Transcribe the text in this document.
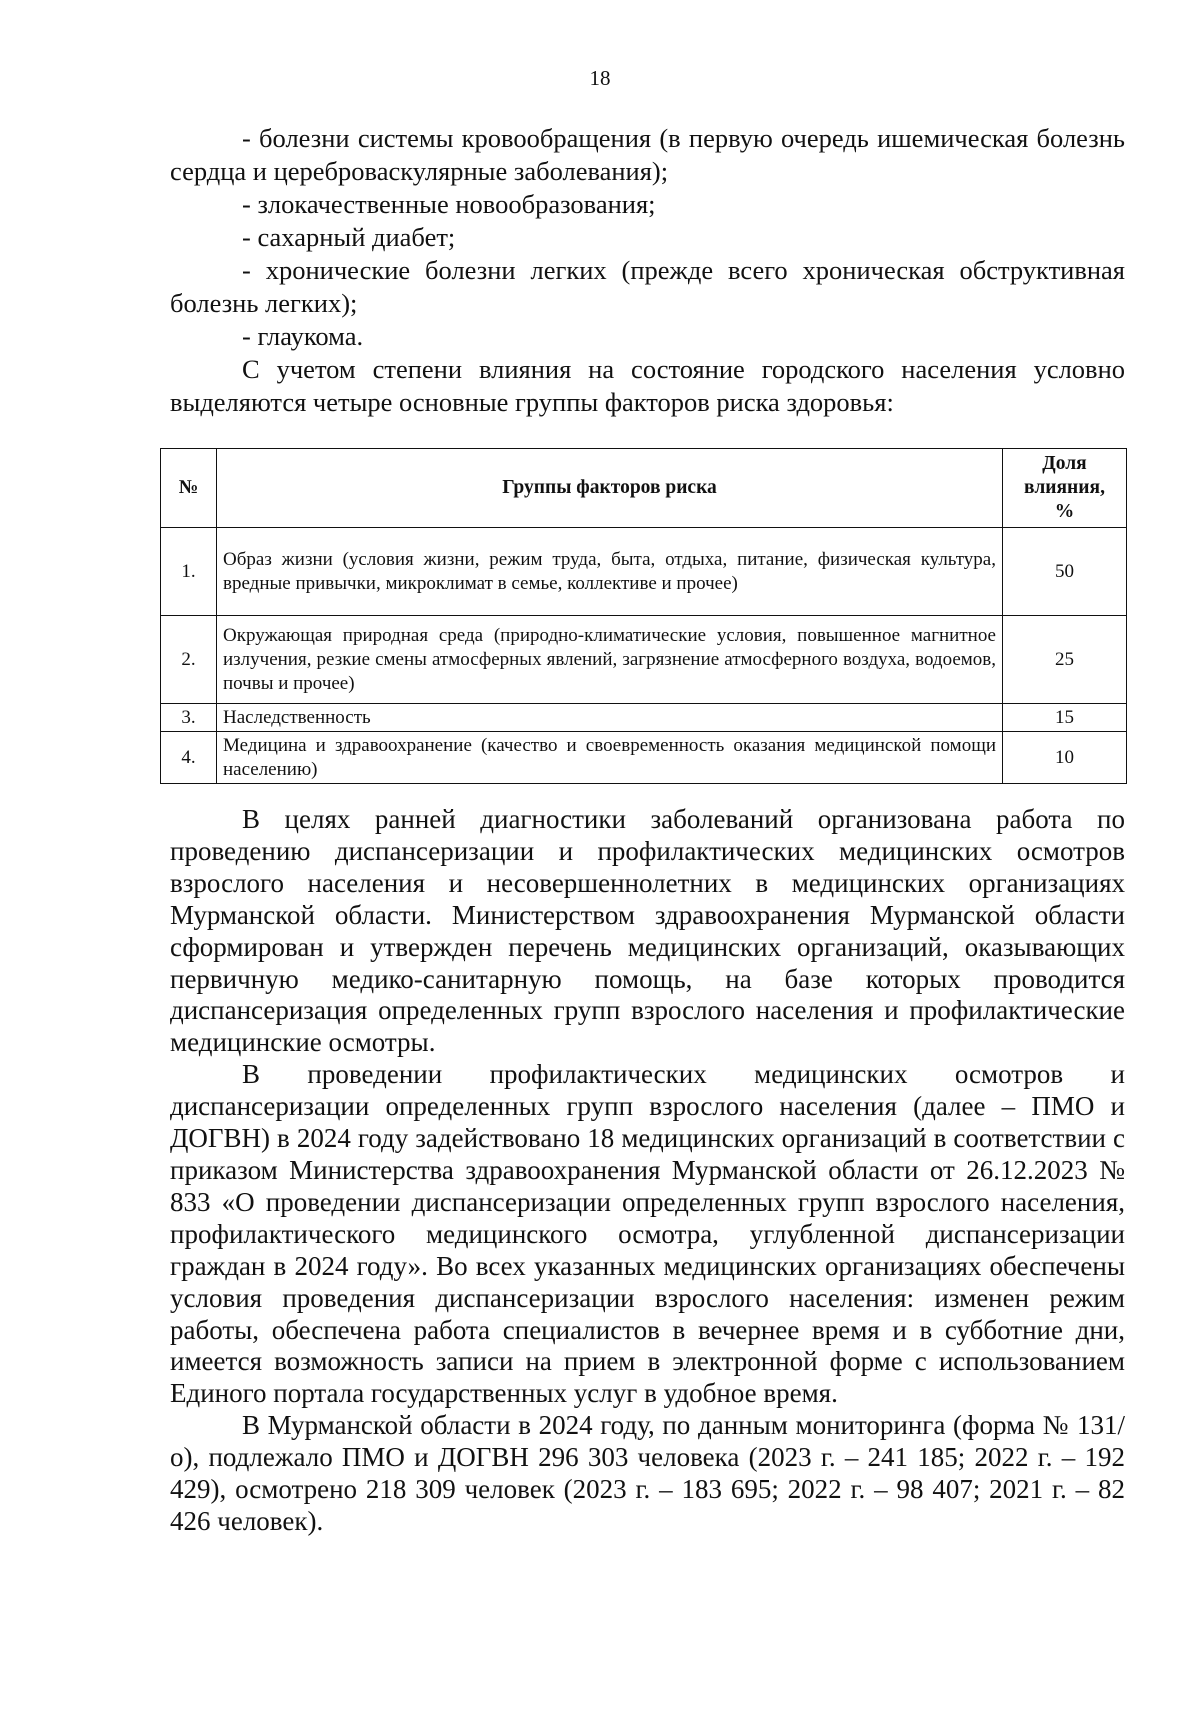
18

- болезни системы кровообращения (в первую очередь ишемическая болезнь сердца и цереброваскулярные заболевания);

- злокачественные новообразования;

- сахарный диабет;

- хронические болезни легких (прежде всего хроническая обструктивная болезнь легких);

- глаукома.

С учетом степени влияния на состояние городского населения условно выделяются четыре основные группы факторов риска здоровья:

№	Группы факторов риска	Доля
влияния,
%
1.	Образ жизни (условия жизни, режим труда, быта, отдыха, питание, физическая культура, вредные привычки, микроклимат в семье, коллективе и прочее)	50
2.	Окружающая природная среда (природно-климатические условия, повышенное магнитное излучения, резкие смены атмосферных явлений, загрязнение атмосферного воздуха, водоемов, почвы и прочее)	25
3.	Наследственность	15
4.	Медицина и здравоохранение (качество и своевременность оказания медицинской помощи населению)	10

В целях ранней диагностики заболеваний организована работа по проведению диспансеризации и профилактических медицинских осмотров взрослого населения и несовершеннолетних в медицинских организациях Мурманской области. Министерством здравоохранения Мурманской области сформирован и утвержден перечень медицинских организаций, оказывающих первичную медико-санитарную помощь, на базе которых проводится диспансеризация определенных групп взрослого населения и профилактические медицинские осмотры.

В проведении профилактических медицинских осмотров и диспансеризации определенных групп взрослого населения (далее – ПМО и ДОГВН) в 2024 году задействовано 18 медицинских организаций в соответствии с приказом Министерства здравоохранения Мурманской области от 26.12.2023 № 833 «О проведении диспансеризации определенных групп взрослого населения, профилактического медицинского осмотра, углубленной диспансеризации граждан в 2024 году». Во всех указанных медицинских организациях обеспечены условия проведения диспансеризации взрослого населения: изменен режим работы, обеспечена работа специалистов в вечернее время и в субботние дни, имеется возможность записи на прием в электронной форме с использованием Единого портала государственных услуг в удобное время.

В Мурманской области в 2024 году, по данным мониторинга (форма № 131/о), подлежало ПМО и ДОГВН 296 303 человека (2023 г. – 241 185; 2022 г. – 192 429), осмотрено 218 309 человек (2023 г. – 183 695; 2022 г. – 98 407; 2021 г. – 82 426 человек).
